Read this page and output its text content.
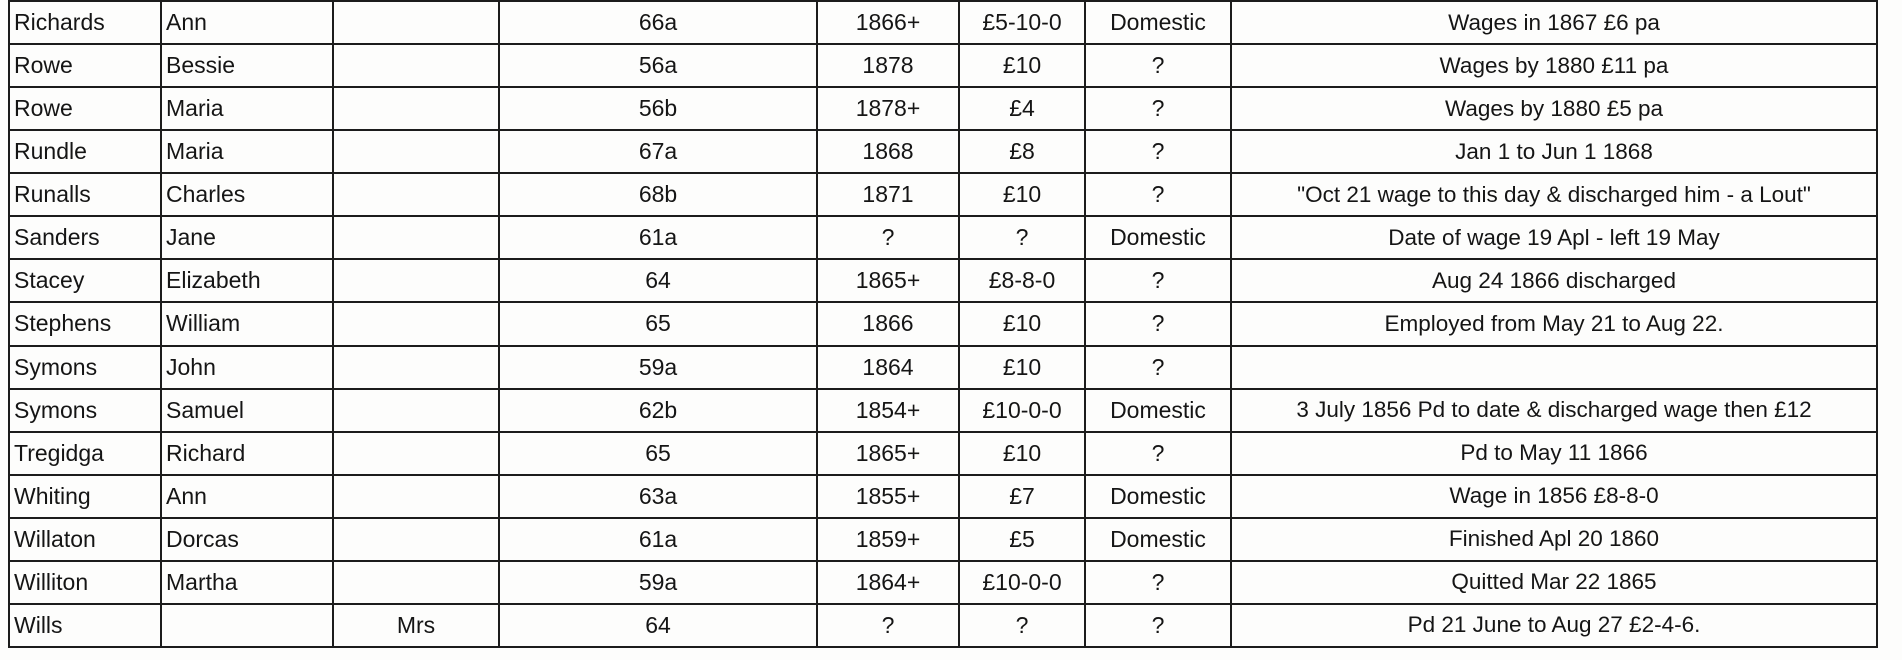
Richards	Ann		66a	1866+	£5-10-0	Domestic	Wages in 1867 £6 pa
Rowe	Bessie		56a	1878	£10	?	Wages by 1880 £11 pa
Rowe	Maria		56b	1878+	£4	?	Wages by 1880 £5 pa
Rundle	Maria		67a	1868	£8	?	Jan 1 to Jun 1 1868
Runalls	Charles		68b	1871	£10	?	"Oct 21 wage to this day & discharged him - a Lout"
Sanders	Jane		61a	?	?	Domestic	Date of wage 19 Apl - left 19 May
Stacey	Elizabeth		64	1865+	£8-8-0	?	Aug 24 1866 discharged
Stephens	William		65	1866	£10	?	Employed from May 21 to Aug 22.
Symons	John		59a	1864	£10	?	
Symons	Samuel		62b	1854+	£10-0-0	Domestic	3 July 1856 Pd to date & discharged wage then £12
Tregidga	Richard		65	1865+	£10	?	Pd to May 11 1866
Whiting	Ann		63a	1855+	£7	Domestic	Wage in 1856 £8-8-0
Willaton	Dorcas		61a	1859+	£5	Domestic	Finished Apl 20 1860
Williton	Martha		59a	1864+	£10-0-0	?	Quitted Mar 22 1865
Wills		Mrs	64	?	?	?	Pd 21 June to Aug 27 £2-4-6.
